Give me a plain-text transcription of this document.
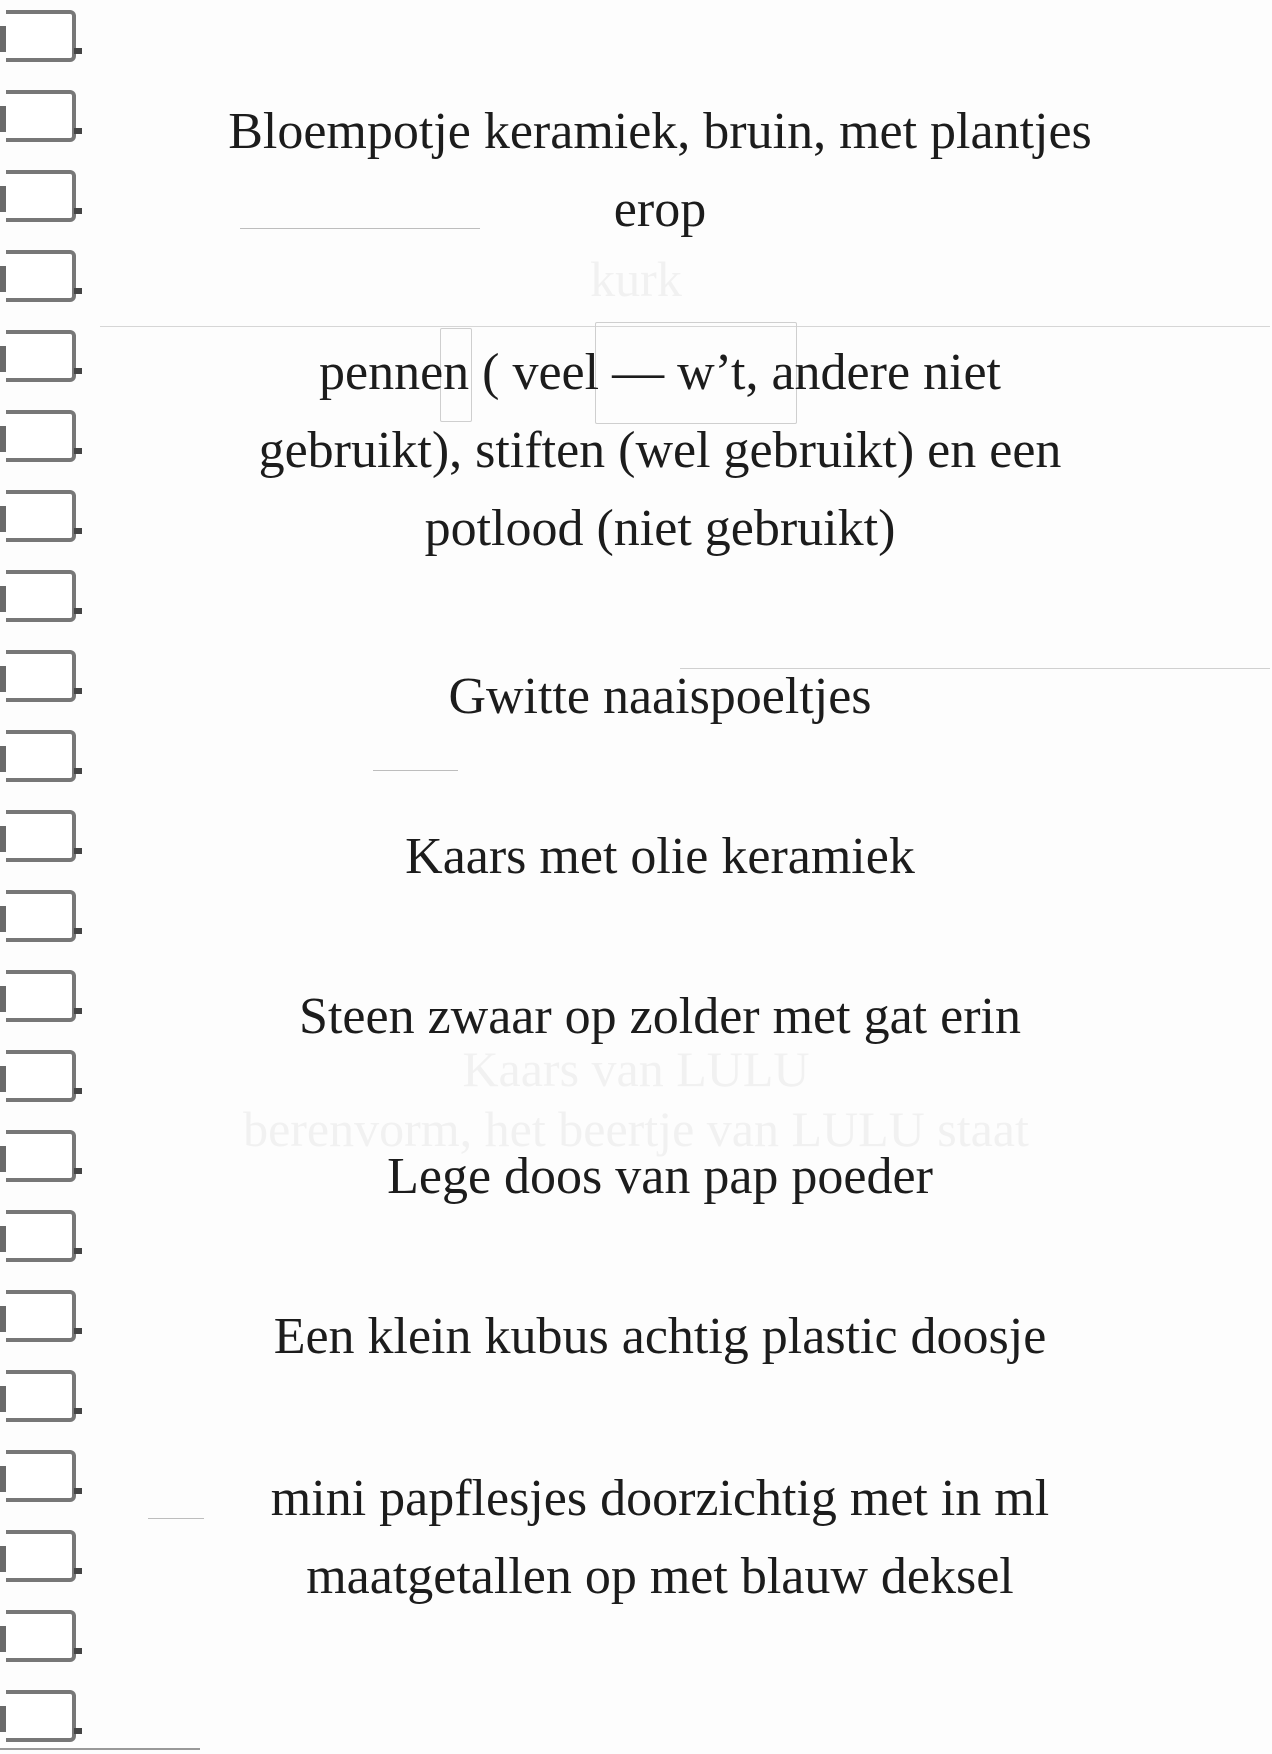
kurk
Kaars van LULU
berenvorm, het beertje van LULU staat
Bloempotje keramiek, bruin, met plantjes
erop
pennen ( veel — w’t, andere niet
gebruikt), stiften (wel gebruikt) en een
potlood (niet gebruikt)
Gwitte naaispoeltjes
Kaars met olie keramiek
Steen zwaar op zolder met gat erin
Lege doos van pap poeder
Een klein kubus achtig plastic doosje
mini papflesjes doorzichtig met in ml
maatgetallen op met blauw deksel
